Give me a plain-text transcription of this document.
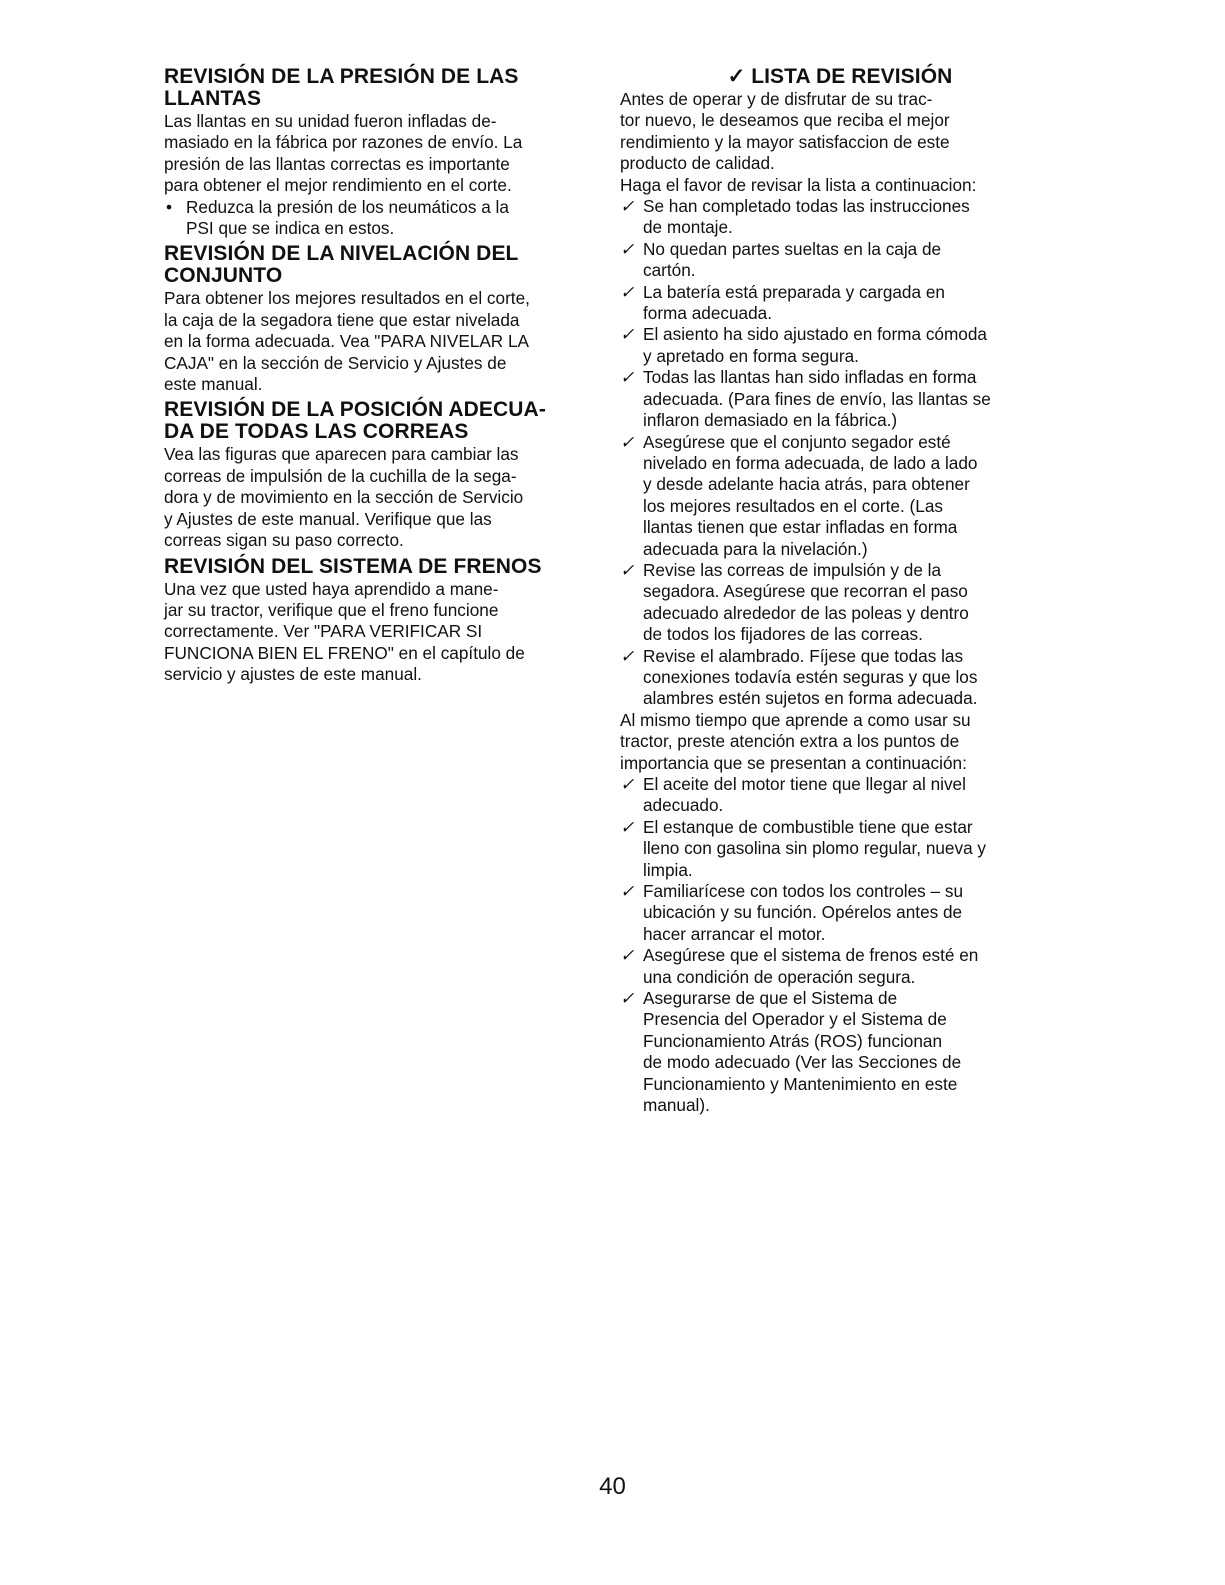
REVISIÓN DE LA PRESIÓN DE LAS
LLANTAS

Las llantas en su unidad fueron infladas de-
masiado en la fábrica por razones de envío. La
presión de las llantas correctas es importante
para obtener el mejor rendimiento en el corte.

• Reduzca la presión de los neumáticos a la
PSI que se indica en estos.
REVISIÓN DE LA NIVELACIÓN DEL
CONJUNTO

Para obtener los mejores resultados en el corte,
la caja de la segadora tiene que estar nivelada
en la forma adecuada. Vea "PARA NIVELAR LA
CAJA" en la sección de Servicio y Ajustes de
este manual.

REVISIÓN DE LA POSICIÓN ADECUA-
DA DE TODAS LAS CORREAS

Vea las figuras que aparecen para cambiar las
correas de impulsión de la cuchilla de la sega-
dora y de movimiento en la sección de Servicio
y Ajustes de este manual. Verifique que las
correas sigan su paso correcto.

REVISIÓN DEL SISTEMA DE FRENOS

Una vez que usted haya aprendido a mane-
jar su tractor, verifique que el freno funcione
correctamente. Ver "PARA VERIFICAR SI
FUNCIONA BIEN EL FRENO" en el capítulo de
servicio y ajustes de este manual.

✓ LISTA DE REVISIÓN

Antes de operar y de disfrutar de su trac-
tor nuevo, le deseamos que reciba el mejor
rendimiento y la mayor satisfaccion de este
producto de calidad.
Haga el favor de revisar la lista a continuacion:

✓ Se han completado todas las instrucciones
de montaje.
✓ No quedan partes sueltas en la caja de
cartón.
✓ La batería está preparada y cargada en
forma adecuada.
✓ El asiento ha sido ajustado en forma cómoda
y apretado en forma segura.
✓ Todas las llantas han sido infladas en forma
adecuada. (Para fines de envío, las llantas se
inflaron demasiado en la fábrica.)
✓ Asegúrese que el conjunto segador esté
nivelado en forma adecuada, de lado a lado
y desde adelante hacia atrás, para obtener
los mejores resultados en el corte. (Las
llantas tienen que estar infladas en forma
adecuada para la nivelación.)
✓ Revise las correas de impulsión y de la
segadora. Asegúrese que recorran el paso
adecuado alrededor de las poleas y dentro
de todos los fijadores de las correas.
✓ Revise el alambrado. Fíjese que todas las
conexiones todavía estén seguras y que los
alambres estén sujetos en forma adecuada.

Al mismo tiempo que aprende a como usar su
tractor, preste atención extra a los puntos de
importancia que se presentan a continuación:

✓ El aceite del motor tiene que llegar al nivel
adecuado.
✓ El estanque de combustible tiene que estar
lleno con gasolina sin plomo regular, nueva y
limpia.
✓ Familiarícese con todos los controles – su
ubicación y su función. Opérelos antes de
hacer arrancar el motor.
✓ Asegúrese que el sistema de frenos esté en
una condición de operación segura.
✓ Asegurarse de que el Sistema de
Presencia del Operador y el Sistema de
Funcionamiento Atrás (ROS) funcionan
de modo adecuado (Ver las Secciones de
Funcionamiento y Mantenimiento en este
manual).
40
